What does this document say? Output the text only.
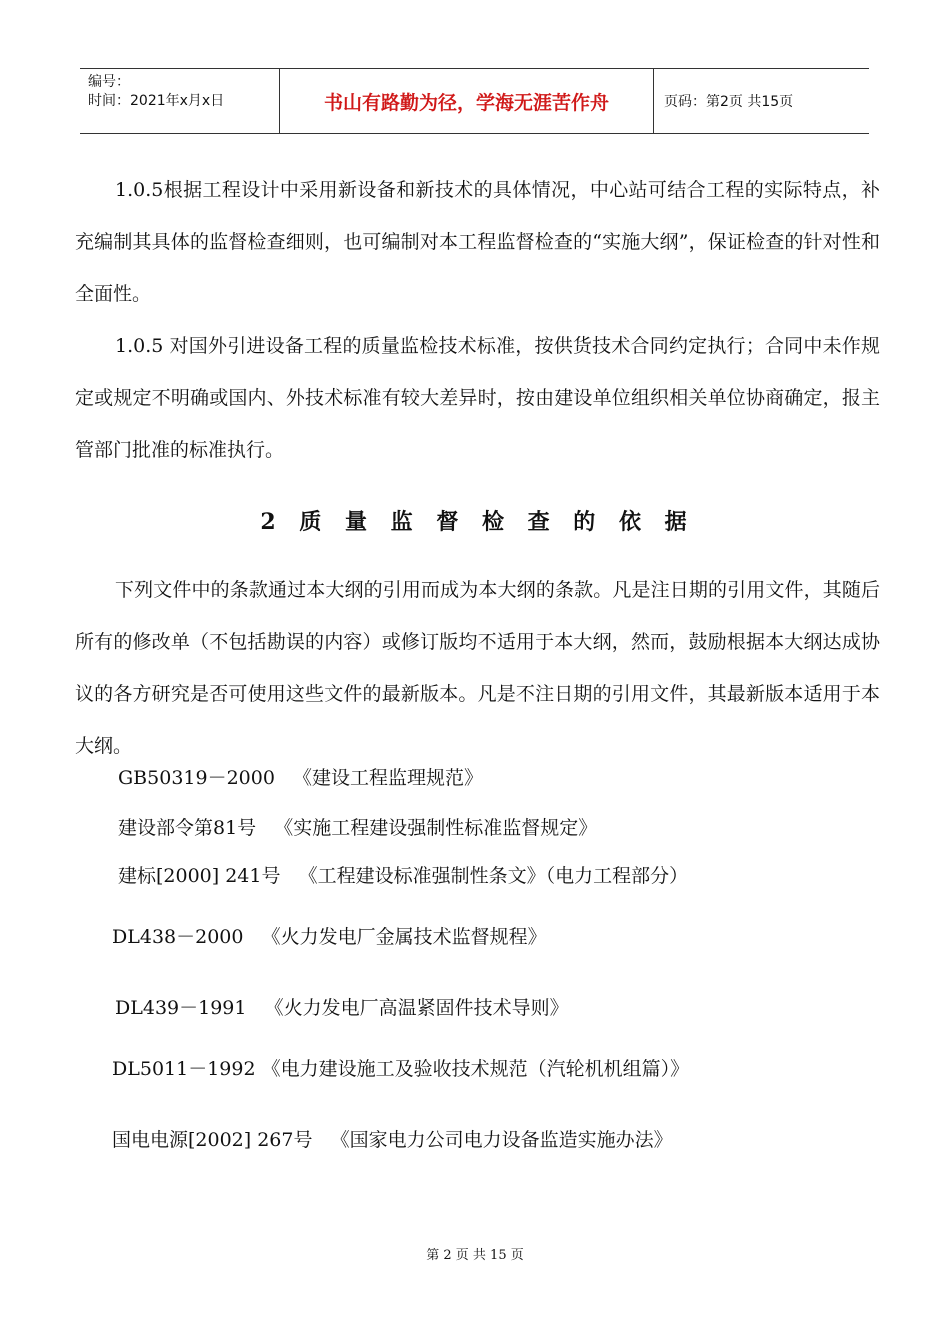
编号：
时间：2021年x月x日	书山有路勤为径，学海无涯苦作舟	页码：第2页 共15页

1.0.5根据工程设计中采用新设备和新技术的具体情况，中心站可结合工程的实际特点，补充编制其具体的监督检查细则，也可编制对本工程监督检查的“实施大纲”，保证检查的针对性和全面性。

1.0.5 对国外引进设备工程的质量监检技术标准，按供货技术合同约定执行；合同中未作规定或规定不明确或国内、外技术标准有较大差异时，按由建设单位组织相关单位协商确定，报主管部门批准的标准执行。

2 质 量 监 督 检 查 的 依 据

下列文件中的条款通过本大纲的引用而成为本大纲的条款。凡是注日期的引用文件，其随后所有的修改单（不包括勘误的内容）或修订版均不适用于本大纲，然而，鼓励根据本大纲达成协议的各方研究是否可使用这些文件的最新版本。凡是不注日期的引用文件，其最新版本适用于本大纲。

GB50319－2000   《建设工程监理规范》
建设部令第81号   《实施工程建设强制性标准监督规定》
建标[2000] 241号   《工程建设标准强制性条文》（电力工程部分）
DL438－2000   《火力发电厂金属技术监督规程》
DL439－1991   《火力发电厂高温紧固件技术导则》
DL5011－1992 《电力建设施工及验收技术规范（汽轮机机组篇）》
国电电源[2002] 267号   《国家电力公司电力设备监造实施办法》
第 2 页 共 15 页
